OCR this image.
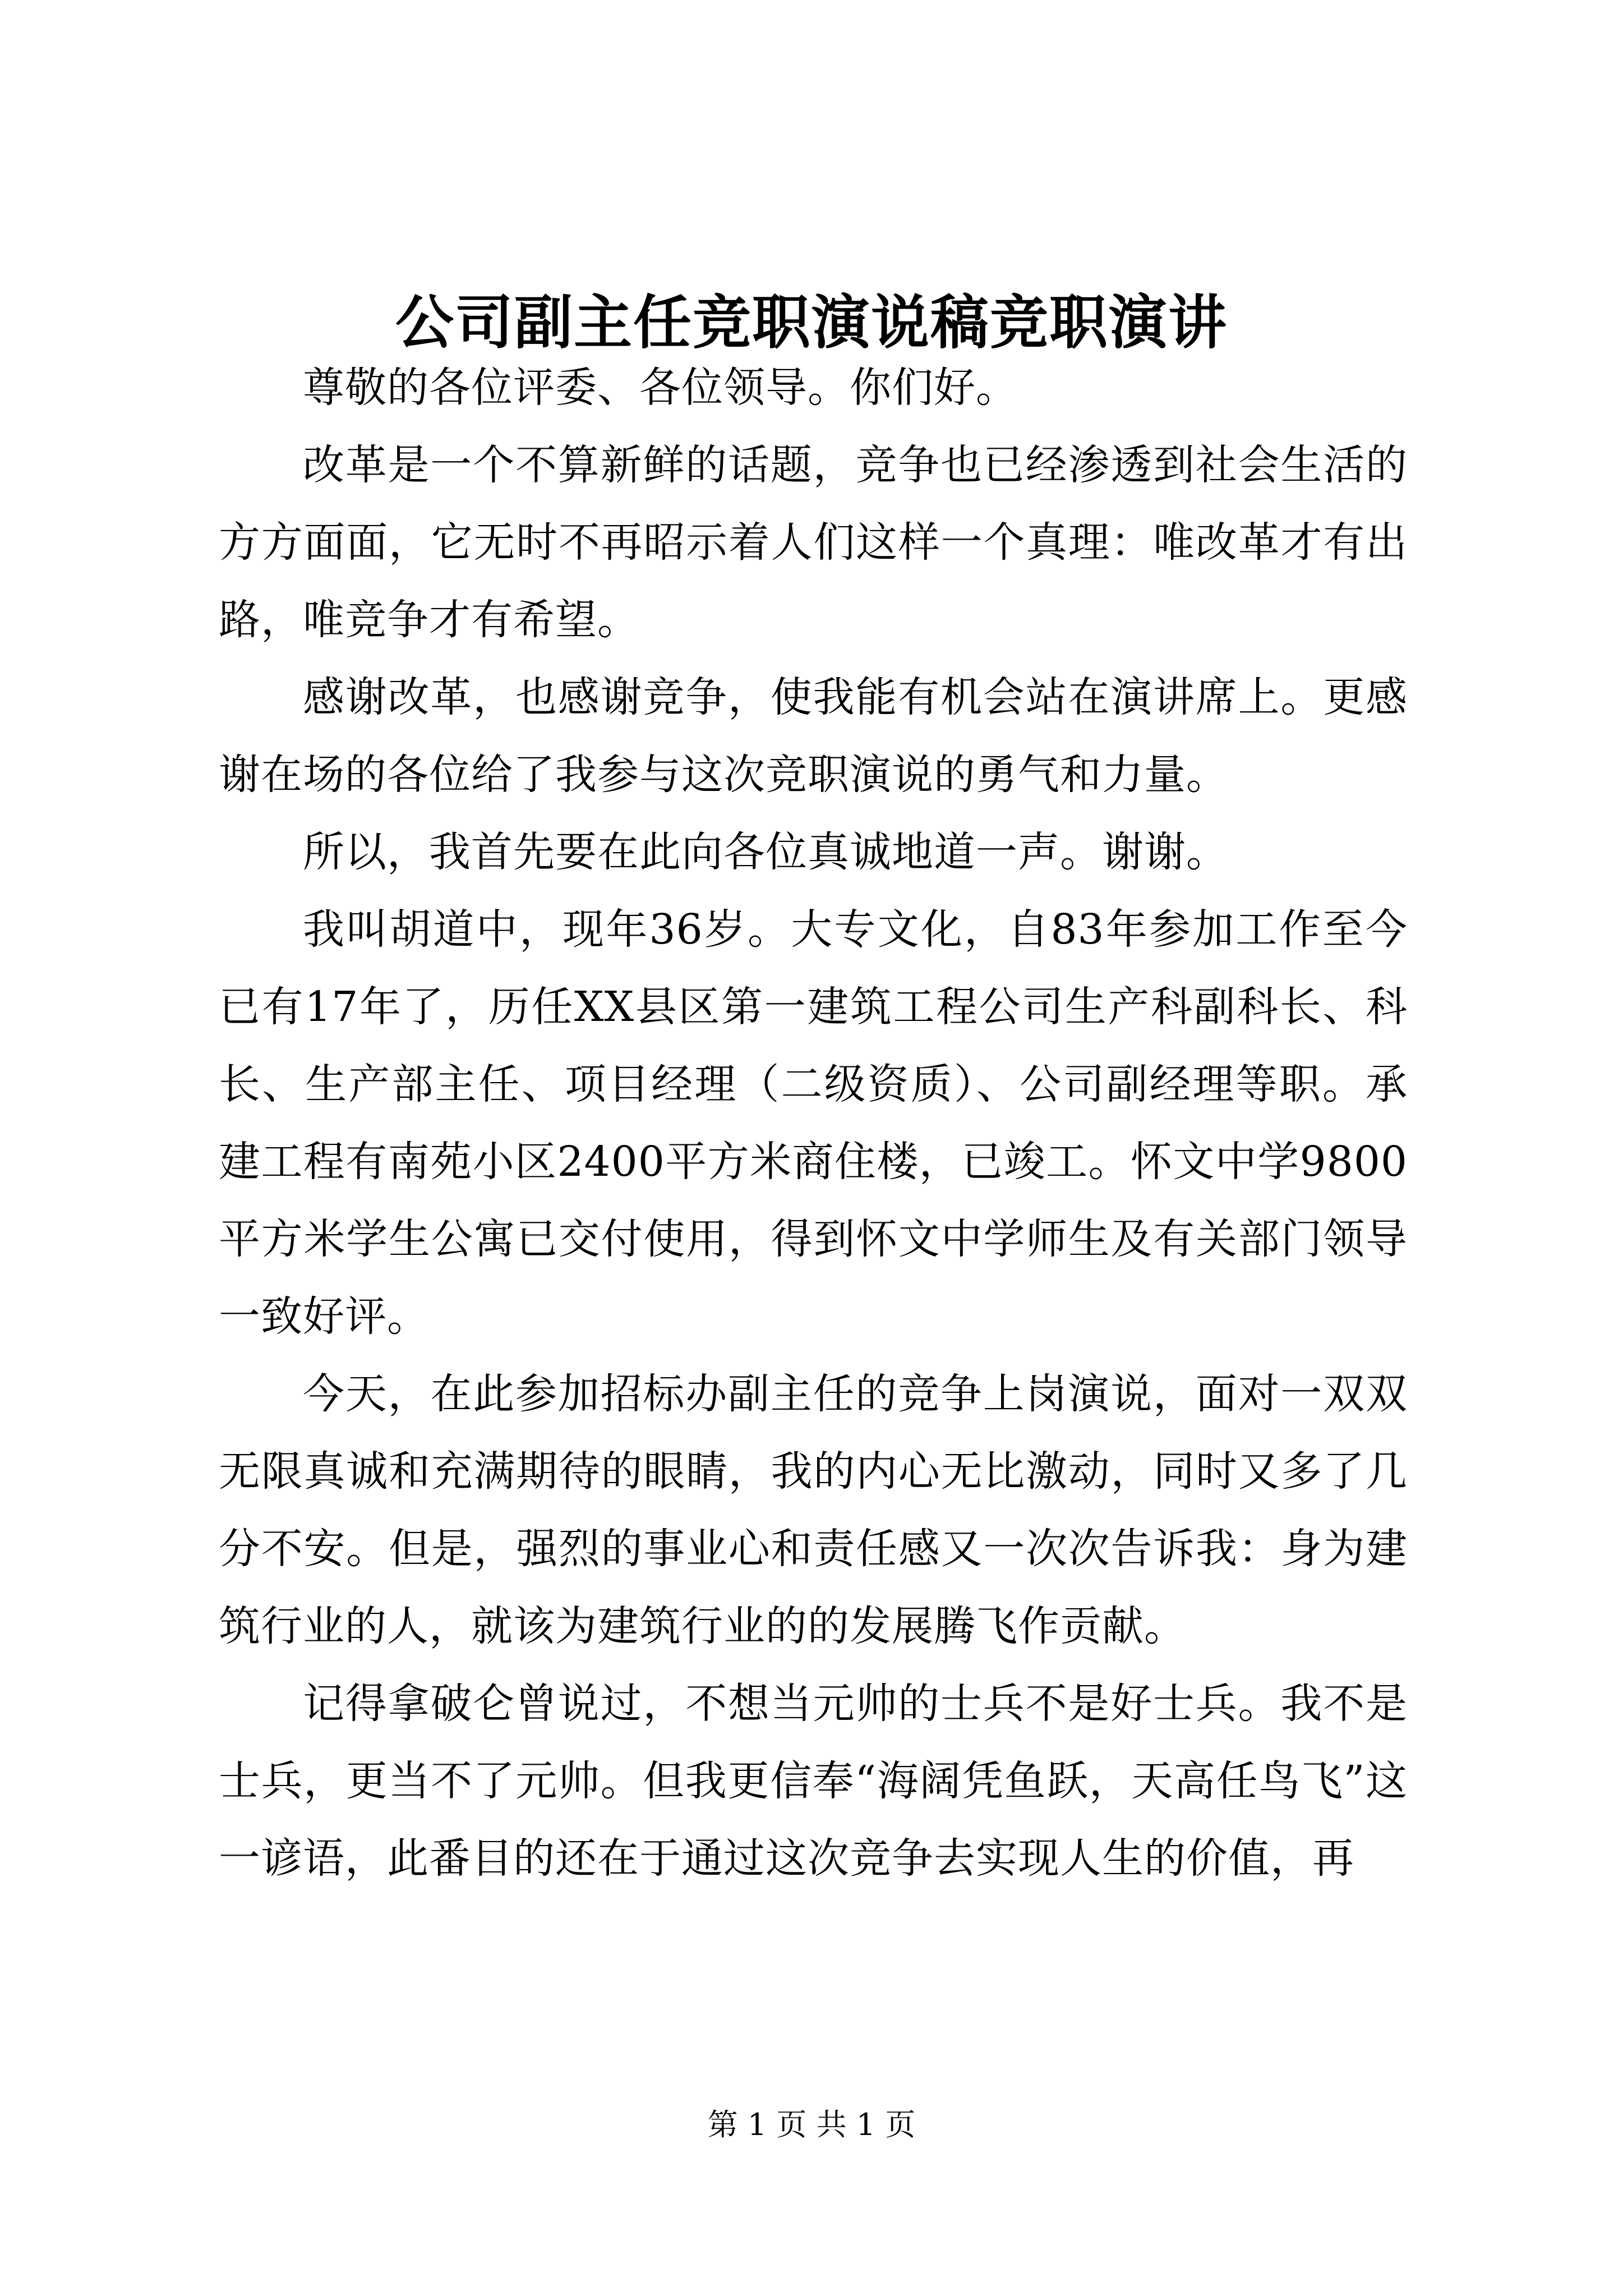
公司副主任竞职演说稿竞职演讲

尊敬的各位评委、各位领导。你们好。

改革是一个不算新鲜的话题，竞争也已经渗透到社会生活的方方面面，它无时不再昭示着人们这样一个真理：唯改革才有出路，唯竞争才有希望。

感谢改革，也感谢竞争，使我能有机会站在演讲席上。更感谢在场的各位给了我参与这次竞职演说的勇气和力量。

所以，我首先要在此向各位真诚地道一声。谢谢。

我叫胡道中，现年36岁。大专文化，自83年参加工作至今已有17年了，历任XX县区第一建筑工程公司生产科副科长、科长、生产部主任、项目经理（二级资质）、公司副经理等职。承建工程有南苑小区2400平方米商住楼，已竣工。怀文中学9800平方米学生公寓已交付使用，得到怀文中学师生及有关部门领导一致好评。

今天，在此参加招标办副主任的竞争上岗演说，面对一双双无限真诚和充满期待的眼睛，我的内心无比激动，同时又多了几分不安。但是，强烈的事业心和责任感又一次次告诉我：身为建筑行业的人，就该为建筑行业的的发展腾飞作贡献。

记得拿破仑曾说过，不想当元帅的士兵不是好士兵。我不是士兵，更当不了元帅。但我更信奉“海阔凭鱼跃，天高任鸟飞”这一谚语，此番目的还在于通过这次竞争去实现人生的价值，再

第 1 页 共 1 页
